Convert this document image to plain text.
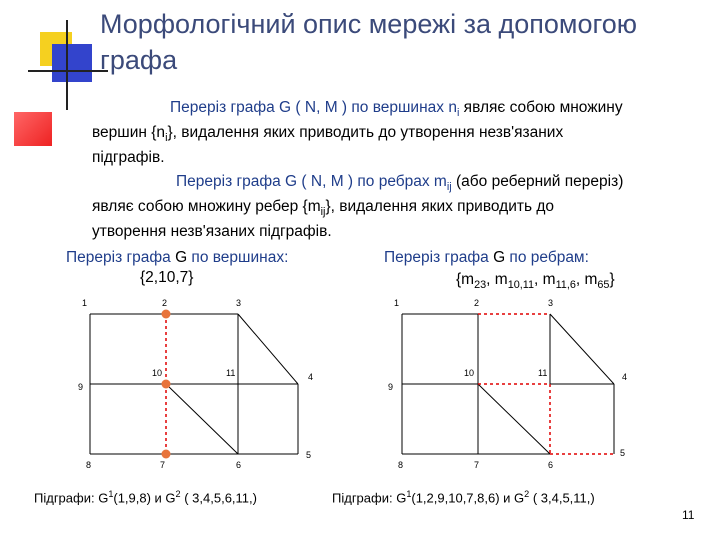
Морфологічний опис мережі за допомогою графа
Переріз графа G ( N, M ) по вершинах $n_i$ являє собою множину
вершин $\{n_i\}$, видалення яких приводить до утворення незв'язаних
підграфів.
Переріз графа G ( N, M ) по ребрах $m_{ij}$ (або реберний переріз)
являє собою множину ребер $\{m_{ij}\}$, видалення яких приводить до
утворення незв'язаних підграфів.
Переріз графа G по вершинах:
{2,10,7}
Переріз графа G по ребрам:
{$m_{23}$, $m_{10,11}$, $m_{11,6}$, $m_{65}$}
1	2	3
4
5
6
7
8
9
10	11
1	2	3
4
5
6
7
8
9
10	11
Підграфи: $G^1(1,9,8)$ и $G^2$ ( 3,4,5,6,11,)	Підграфи: $G^1(1,2,9,10,7,8,6)$ и $G^2$ ( 3,4,5,11,)
11
